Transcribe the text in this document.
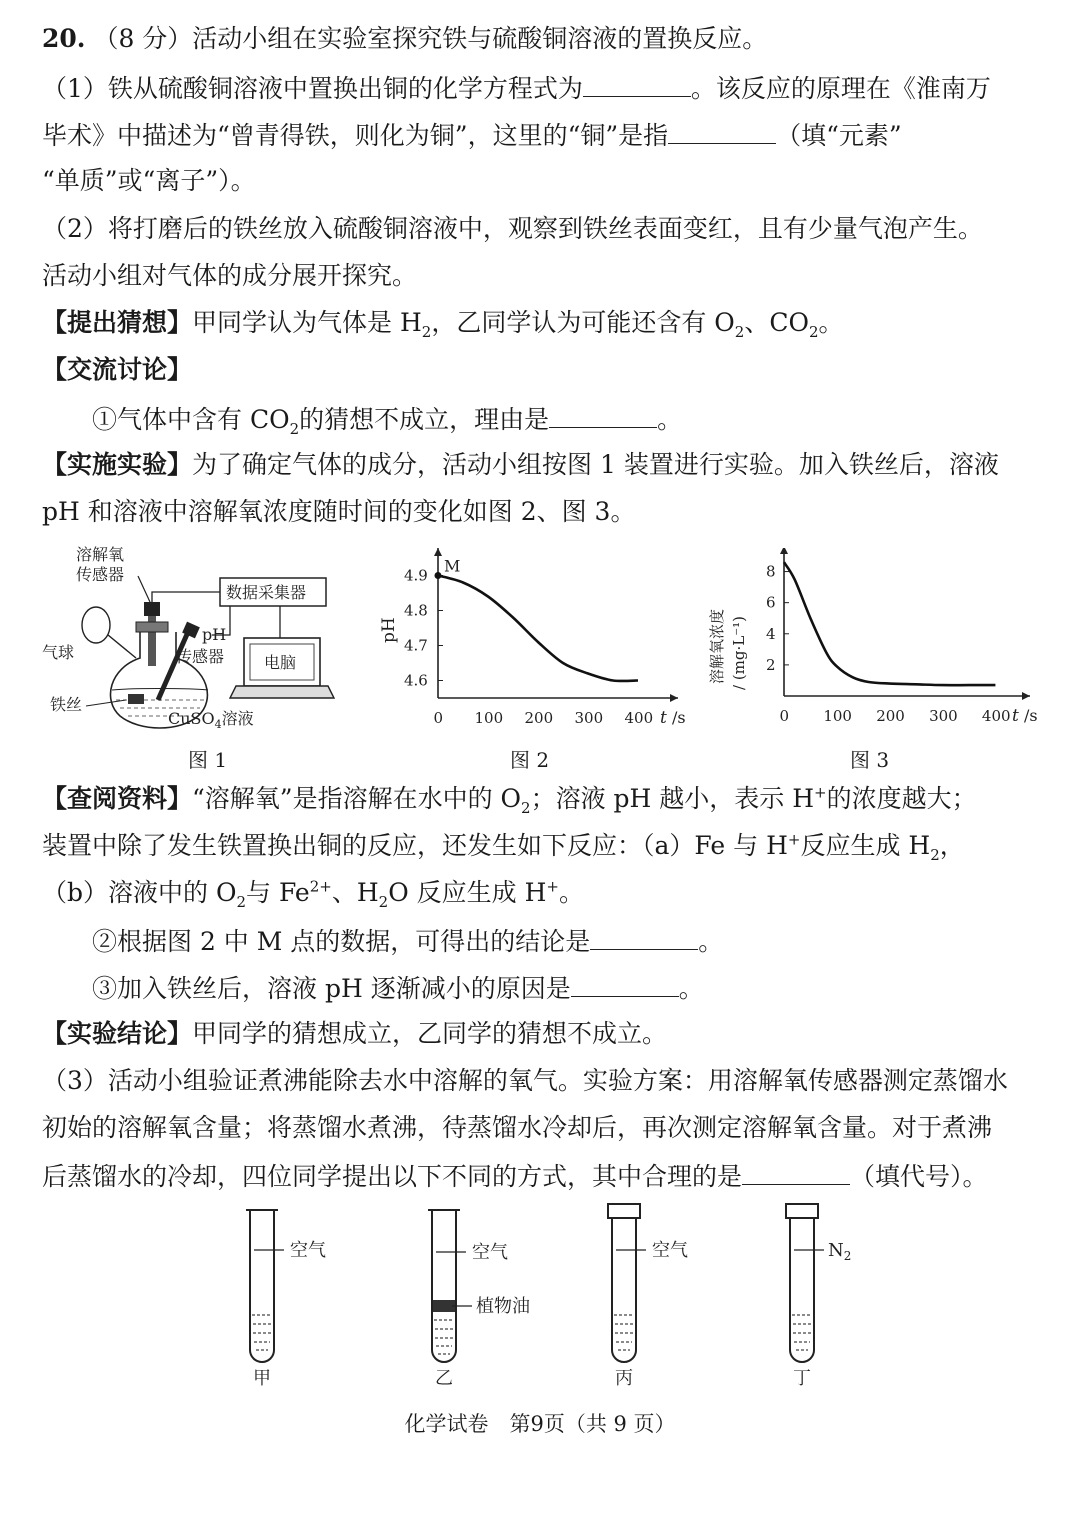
20. （8 分）活动小组在实验室探究铁与硫酸铜溶液的置换反应。
（1）铁从硫酸铜溶液中置换出铜的化学方程式为	。该反应的原理在《淮南万
毕术》中描述为“曾青得铁，则化为铜”，这里的“铜”是指	（填“元素”
“单质”或“离子”）。
（2）将打磨后的铁丝放入硫酸铜溶液中，观察到铁丝表面变红，且有少量气泡产生。
活动小组对气体的成分展开探究。
【提出猜想】甲同学认为气体是 $H_2$，乙同学认为可能还含有 $O_2$、$CO_2$。
【交流讨论】
①气体中含有 $CO_2$的猜想不成立，理由是	。
【实施实验】为了确定气体的成分，活动小组按图 1 装置进行实验。加入铁丝后，溶液
pH 和溶液中溶解氧浓度随时间的变化如图 2、图 3。
溶解氧
传感器
数据采集器
气球
pH
传感器
铁丝
CuSO$_4$溶液
电脑
图 1
4.9
4.8
4.7
4.6
0 100 200 300 400
pH
t /s
M
图 2
8
6
4
2
0 100 200 300 400
溶解氧浓度 / (mg·L⁻¹)
t /s
图 3
【查阅资料】“溶解氧”是指溶解在水中的 $O_2$；溶液 pH 越小，表示 H+的浓度越大；
装置中除了发生铁置换出铜的反应，还发生如下反应：（a）Fe 与 H+反应生成 $H_2$，
（b）溶液中的 $O_2$与 $Fe^{2+}$、$H_2O$ 反应生成 H+。
②根据图 2 中 M 点的数据，可得出的结论是	。
③加入铁丝后，溶液 pH 逐渐减小的原因是	。
【实验结论】甲同学的猜想成立，乙同学的猜想不成立。
（3）活动小组验证煮沸能除去水中溶解的氧气。实验方案：用溶解氧传感器测定蒸馏水
初始的溶解氧含量；将蒸馏水煮沸，待蒸馏水冷却后，再次测定溶解氧含量。对于煮沸
后蒸馏水的冷却，四位同学提出以下不同的方式，其中合理的是	（填代号）。
空气
甲
空气
植物油
乙
空气
丙
$N_2$
丁
化学试卷　第9页（共 9 页）
